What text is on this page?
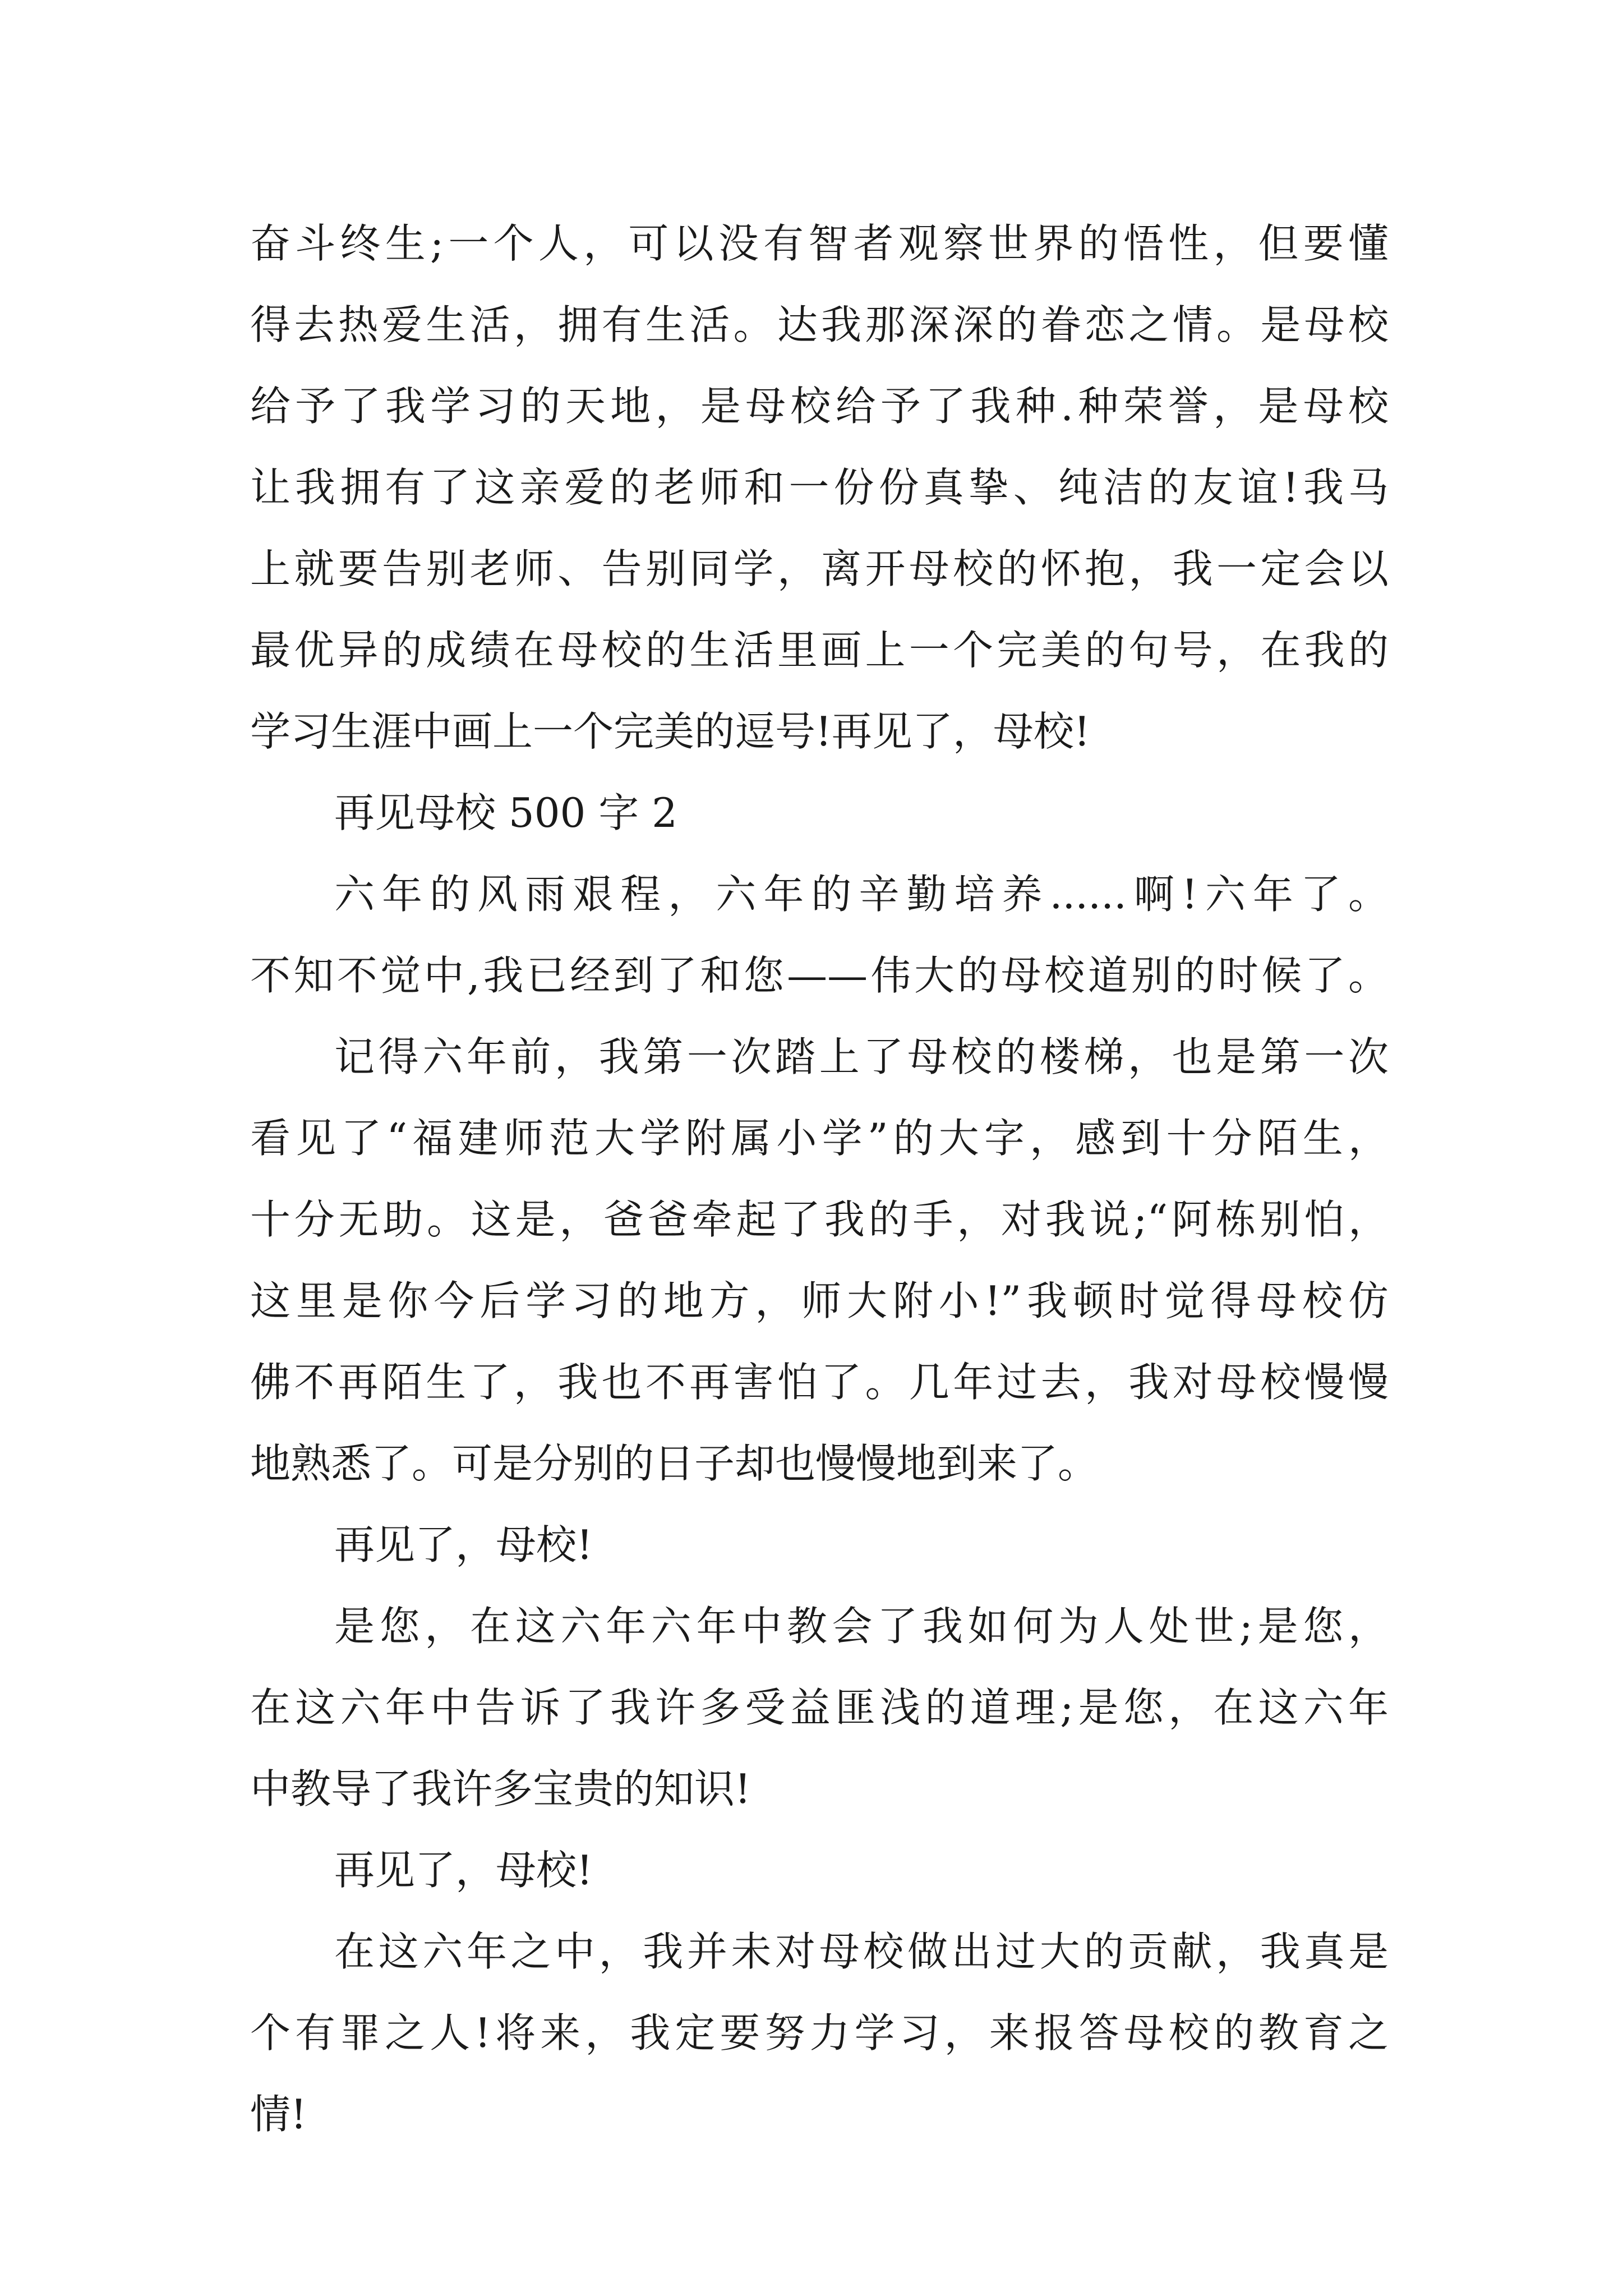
奋斗终生;一个人，可以没有智者观察世界的悟性，但要懂
得去热爱生活，拥有生活。达我那深深的眷恋之情。是母校
给予了我学习的天地，是母校给予了我种.种荣誉，是母校
让我拥有了这亲爱的老师和一份份真挚、纯洁的友谊!我马
上就要告别老师、告别同学，离开母校的怀抱，我一定会以
最优异的成绩在母校的生活里画上一个完美的句号，在我的
学习生涯中画上一个完美的逗号!再见了，母校!
再见母校 500 字 2
六年的风雨艰程，六年的辛勤培养......啊!六年了。
不知不觉中,我已经到了和您——伟大的母校道别的时候了。
记得六年前，我第一次踏上了母校的楼梯，也是第一次
看见了“福建师范大学附属小学”的大字，感到十分陌生，
十分无助。这是，爸爸牵起了我的手，对我说;“阿栋别怕，
这里是你今后学习的地方，师大附小!”我顿时觉得母校仿
佛不再陌生了，我也不再害怕了。几年过去，我对母校慢慢
地熟悉了。可是分别的日子却也慢慢地到来了。
再见了，母校!
是您，在这六年六年中教会了我如何为人处世;是您，
在这六年中告诉了我许多受益匪浅的道理;是您，在这六年
中教导了我许多宝贵的知识!
再见了，母校!
在这六年之中，我并未对母校做出过大的贡献，我真是
个有罪之人!将来，我定要努力学习，来报答母校的教育之
情!
